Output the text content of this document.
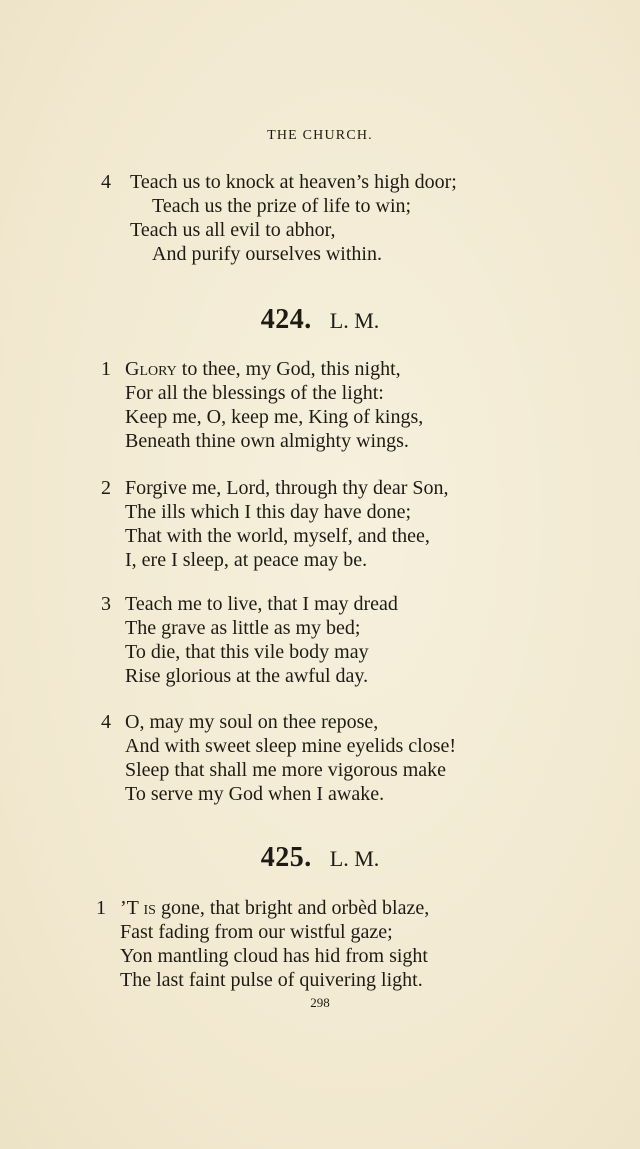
THE CHURCH.
4 Teach us to knock at heaven’s high door;
Teach us the prize of life to win;
Teach us all evil to abhor,
And purify ourselves within.
424. L. M.
1 Glory to thee, my God, this night,
For all the blessings of the light:
Keep me, O, keep me, King of kings,
Beneath thine own almighty wings.
2 Forgive me, Lord, through thy dear Son,
The ills which I this day have done;
That with the world, myself, and thee,
I, ere I sleep, at peace may be.
3 Teach me to live, that I may dread
The grave as little as my bed;
To die, that this vile body may
Rise glorious at the awful day.
4 O, may my soul on thee repose,
And with sweet sleep mine eyelids close!
Sleep that shall me more vigorous make
To serve my God when I awake.
425. L. M.
1 ’T is gone, that bright and orbèd blaze,
Fast fading from our wistful gaze;
Yon mantling cloud has hid from sight
The last faint pulse of quivering light.
298
